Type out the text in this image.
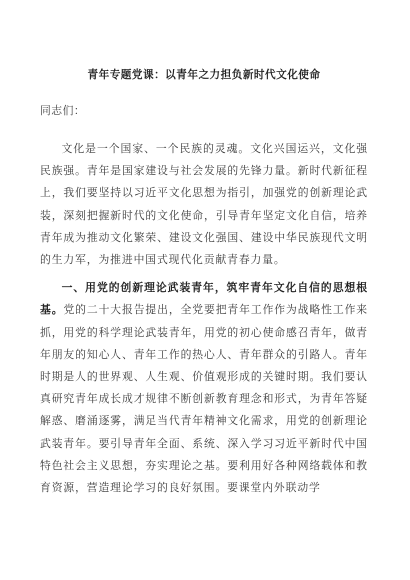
青年专题党课：以青年之力担负新时代文化使命

同志们：

文化是一个国家、一个民族的灵魂。文化兴国运兴，文化强民族强。青年是国家建设与社会发展的先锋力量。新时代新征程上，我们要坚持以习近平文化思想为指引，加强党的创新理论武装，深刻把握新时代的文化使命，引导青年坚定文化自信，培养青年成为推动文化繁荣、建设文化强国、建设中华民族现代文明的生力军，为推进中国式现代化贡献青春力量。

一、用党的创新理论武装青年，筑牢青年文化自信的思想根基。党的二十大报告提出，全党要把青年工作作为战略性工作来抓，用党的科学理论武装青年，用党的初心使命感召青年，做青年朋友的知心人、青年工作的热心人、青年群众的引路人。青年时期是人的世界观、人生观、价值观形成的关键时期。我们要认真研究青年成长成才规律不断创新教育理念和形式，为青年答疑解惑、磨涌逐雾，满足当代青年精神文化需求，用党的创新理论武装青年。要引导青年全面、系统、深入学习习近平新时代中国特色社会主义思想，夯实理论之基。要利用好各种网络载体和教育资源，营造理论学习的良好氛围。要课堂内外联动学
